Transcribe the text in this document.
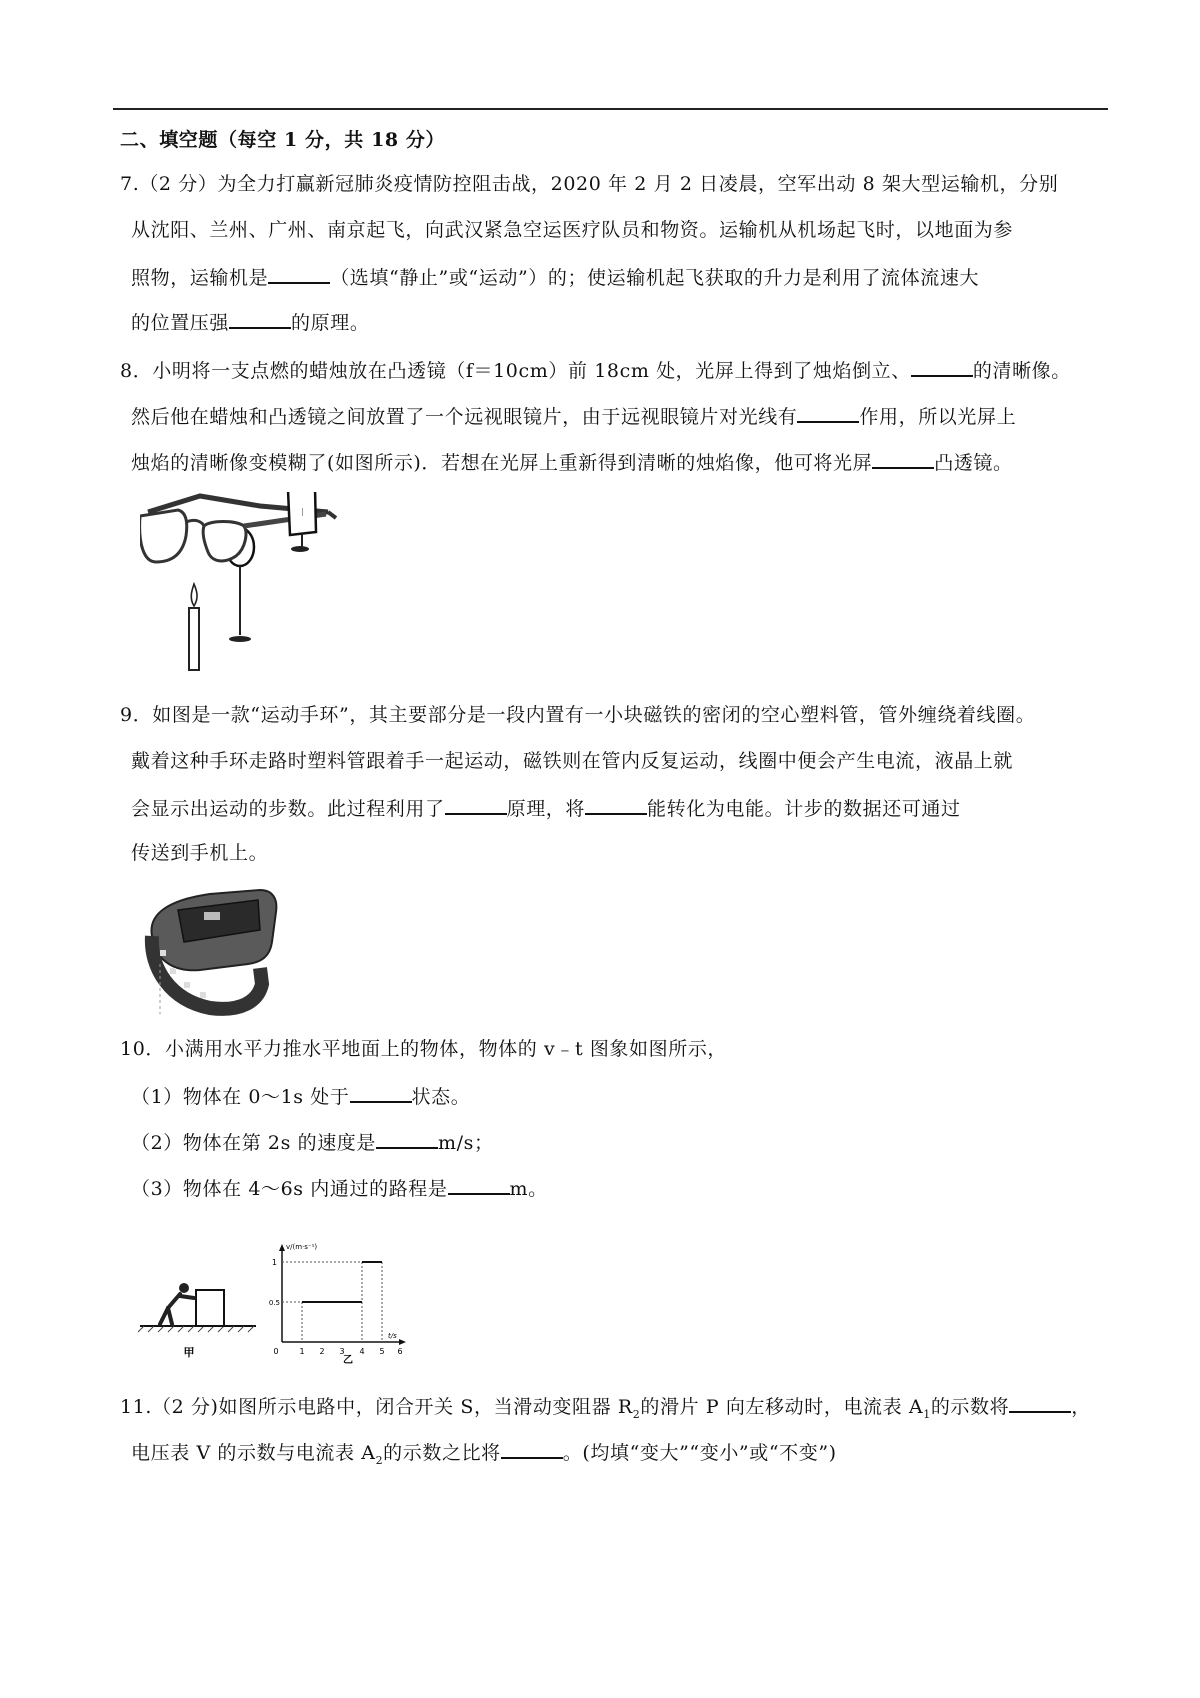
二、填空题（每空 1 分，共 18 分）
7.（2 分）为全力打赢新冠肺炎疫情防控阻击战，2020 年 2 月 2 日凌晨，空军出动 8 架大型运输机，分别
从沈阳、兰州、广州、南京起飞，向武汉紧急空运医疗队员和物资。运输机从机场起飞时，以地面为参
照物，运输机是	（选填“静止”或“运动”）的；使运输机起飞获取的升力是利用了流体流速大
的位置压强	的原理。
8．小明将一支点燃的蜡烛放在凸透镜（f＝10cm）前 18cm 处，光屏上得到了烛焰倒立、	的清晰像。
然后他在蜡烛和凸透镜之间放置了一个远视眼镜片，由于远视眼镜片对光线有	作用，所以光屏上
烛焰的清晰像变模糊了(如图所示)．若想在光屏上重新得到清晰的烛焰像，他可将光屏	凸透镜。
|
9．如图是一款“运动手环”，其主要部分是一段内置有一小块磁铁的密闭的空心塑料管，管外缠绕着线圈。
戴着这种手环走路时塑料管跟着手一起运动，磁铁则在管内反复运动，线圈中便会产生电流，液晶上就
会显示出运动的步数。此过程利用了	原理，将	能转化为电能。计步的数据还可通过
传送到手机上。
10．小满用水平力推水平地面上的物体，物体的 v﹣t 图象如图所示，
（1）物体在 0～1s 处于	状态。
（2）物体在第 2s 的速度是	m/s；
（3）物体在 4～6s 内通过的路程是	m。
甲
v/(m·s⁻¹)
t/s
1
0.5
0	1 2 3 4 5 6
乙
11.（2 分)如图所示电路中，闭合开关 S，当滑动变阻器 $R_2$的滑片 P 向左移动时，电流表 $A_1$的示数将	，
电压表 V 的示数与电流表 $A_2$的示数之比将	。(均填“变大”“变小”或“不变”)
